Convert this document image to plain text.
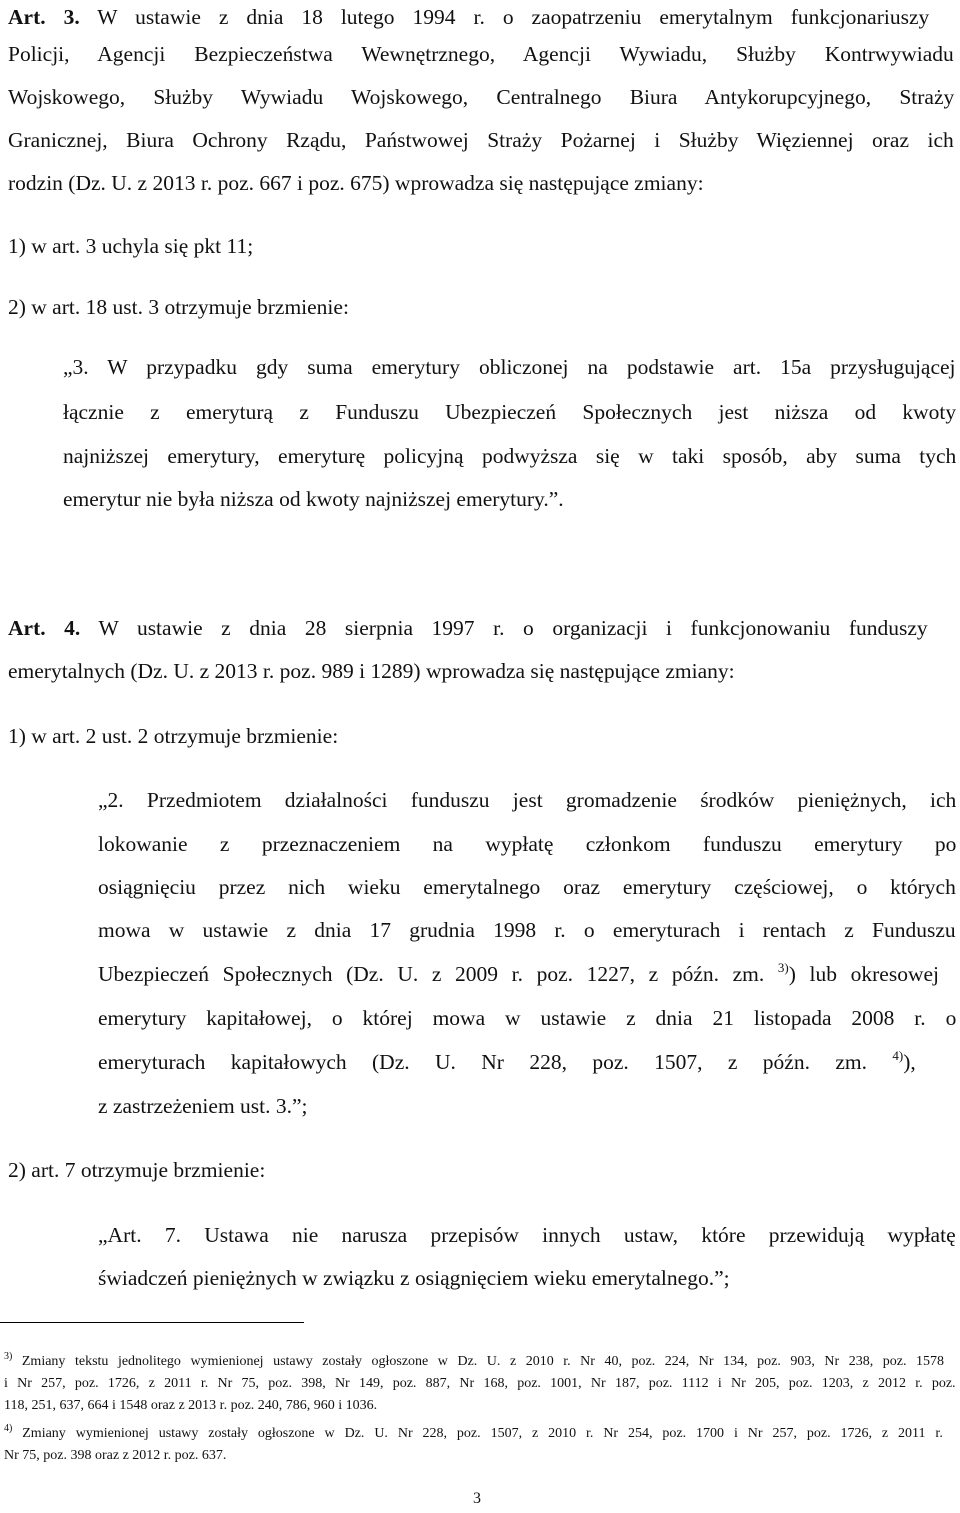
Art. 3. W ustawie z dnia 18 lutego 1994 r. o zaopatrzeniu emerytalnym funkcjonariuszy
Policji, Agencji Bezpieczeństwa Wewnętrznego, Agencji Wywiadu, Służby Kontrwywiadu
Wojskowego, Służby Wywiadu Wojskowego, Centralnego Biura Antykorupcyjnego, Straży
Granicznej, Biura Ochrony Rządu, Państwowej Straży Pożarnej i Służby Więziennej oraz ich
rodzin (Dz. U. z 2013 r. poz. 667 i poz. 675) wprowadza się następujące zmiany:
1) w art. 3 uchyla się pkt 11;
2) w art. 18 ust. 3 otrzymuje brzmienie:
„3. W przypadku gdy suma emerytury obliczonej na podstawie art. 15a przysługującej
łącznie z emeryturą z Funduszu Ubezpieczeń Społecznych jest niższa od kwoty
najniższej emerytury, emeryturę policyjną podwyższa się w taki sposób, aby suma tych
emerytur nie była niższa od kwoty najniższej emerytury.”.
Art. 4. W ustawie z dnia 28 sierpnia 1997 r. o organizacji i funkcjonowaniu funduszy
emerytalnych (Dz. U. z 2013 r. poz. 989 i 1289) wprowadza się następujące zmiany:
1) w art. 2 ust. 2 otrzymuje brzmienie:
„2. Przedmiotem działalności funduszu jest gromadzenie środków pieniężnych, ich
lokowanie z przeznaczeniem na wypłatę członkom funduszu emerytury po
osiągnięciu przez nich wieku emerytalnego oraz emerytury częściowej, o których
mowa w ustawie z dnia 17 grudnia 1998 r. o emeryturach i rentach z Funduszu
Ubezpieczeń Społecznych (Dz. U. z 2009 r. poz. 1227, z późn. zm. $^{3)}$) lub okresowej
emerytury kapitałowej, o której mowa w ustawie z dnia 21 listopada 2008 r. o
emeryturach kapitałowych (Dz. U. Nr 228, poz. 1507, z późn. zm. $^{4)}$),
z zastrzeżeniem ust. 3.”;
2) art. 7 otrzymuje brzmienie:
„Art. 7. Ustawa nie narusza przepisów innych ustaw, które przewidują wypłatę
świadczeń pieniężnych w związku z osiągnięciem wieku emerytalnego.”;
$^{3)}$ Zmiany tekstu jednolitego wymienionej ustawy zostały ogłoszone w Dz. U. z 2010 r. Nr 40, poz. 224, Nr 134, poz. 903, Nr 238, poz. 1578
i Nr 257, poz. 1726, z 2011 r. Nr 75, poz. 398, Nr 149, poz. 887, Nr 168, poz. 1001, Nr 187, poz. 1112 i Nr 205, poz. 1203, z 2012 r. poz.
118, 251, 637, 664 i 1548 oraz z 2013 r. poz. 240, 786, 960 i 1036.
$^{4)}$ Zmiany wymienionej ustawy zostały ogłoszone w Dz. U. Nr 228, poz. 1507, z 2010 r. Nr 254, poz. 1700 i Nr 257, poz. 1726, z 2011 r.
Nr 75, poz. 398 oraz z 2012 r. poz. 637.
3
